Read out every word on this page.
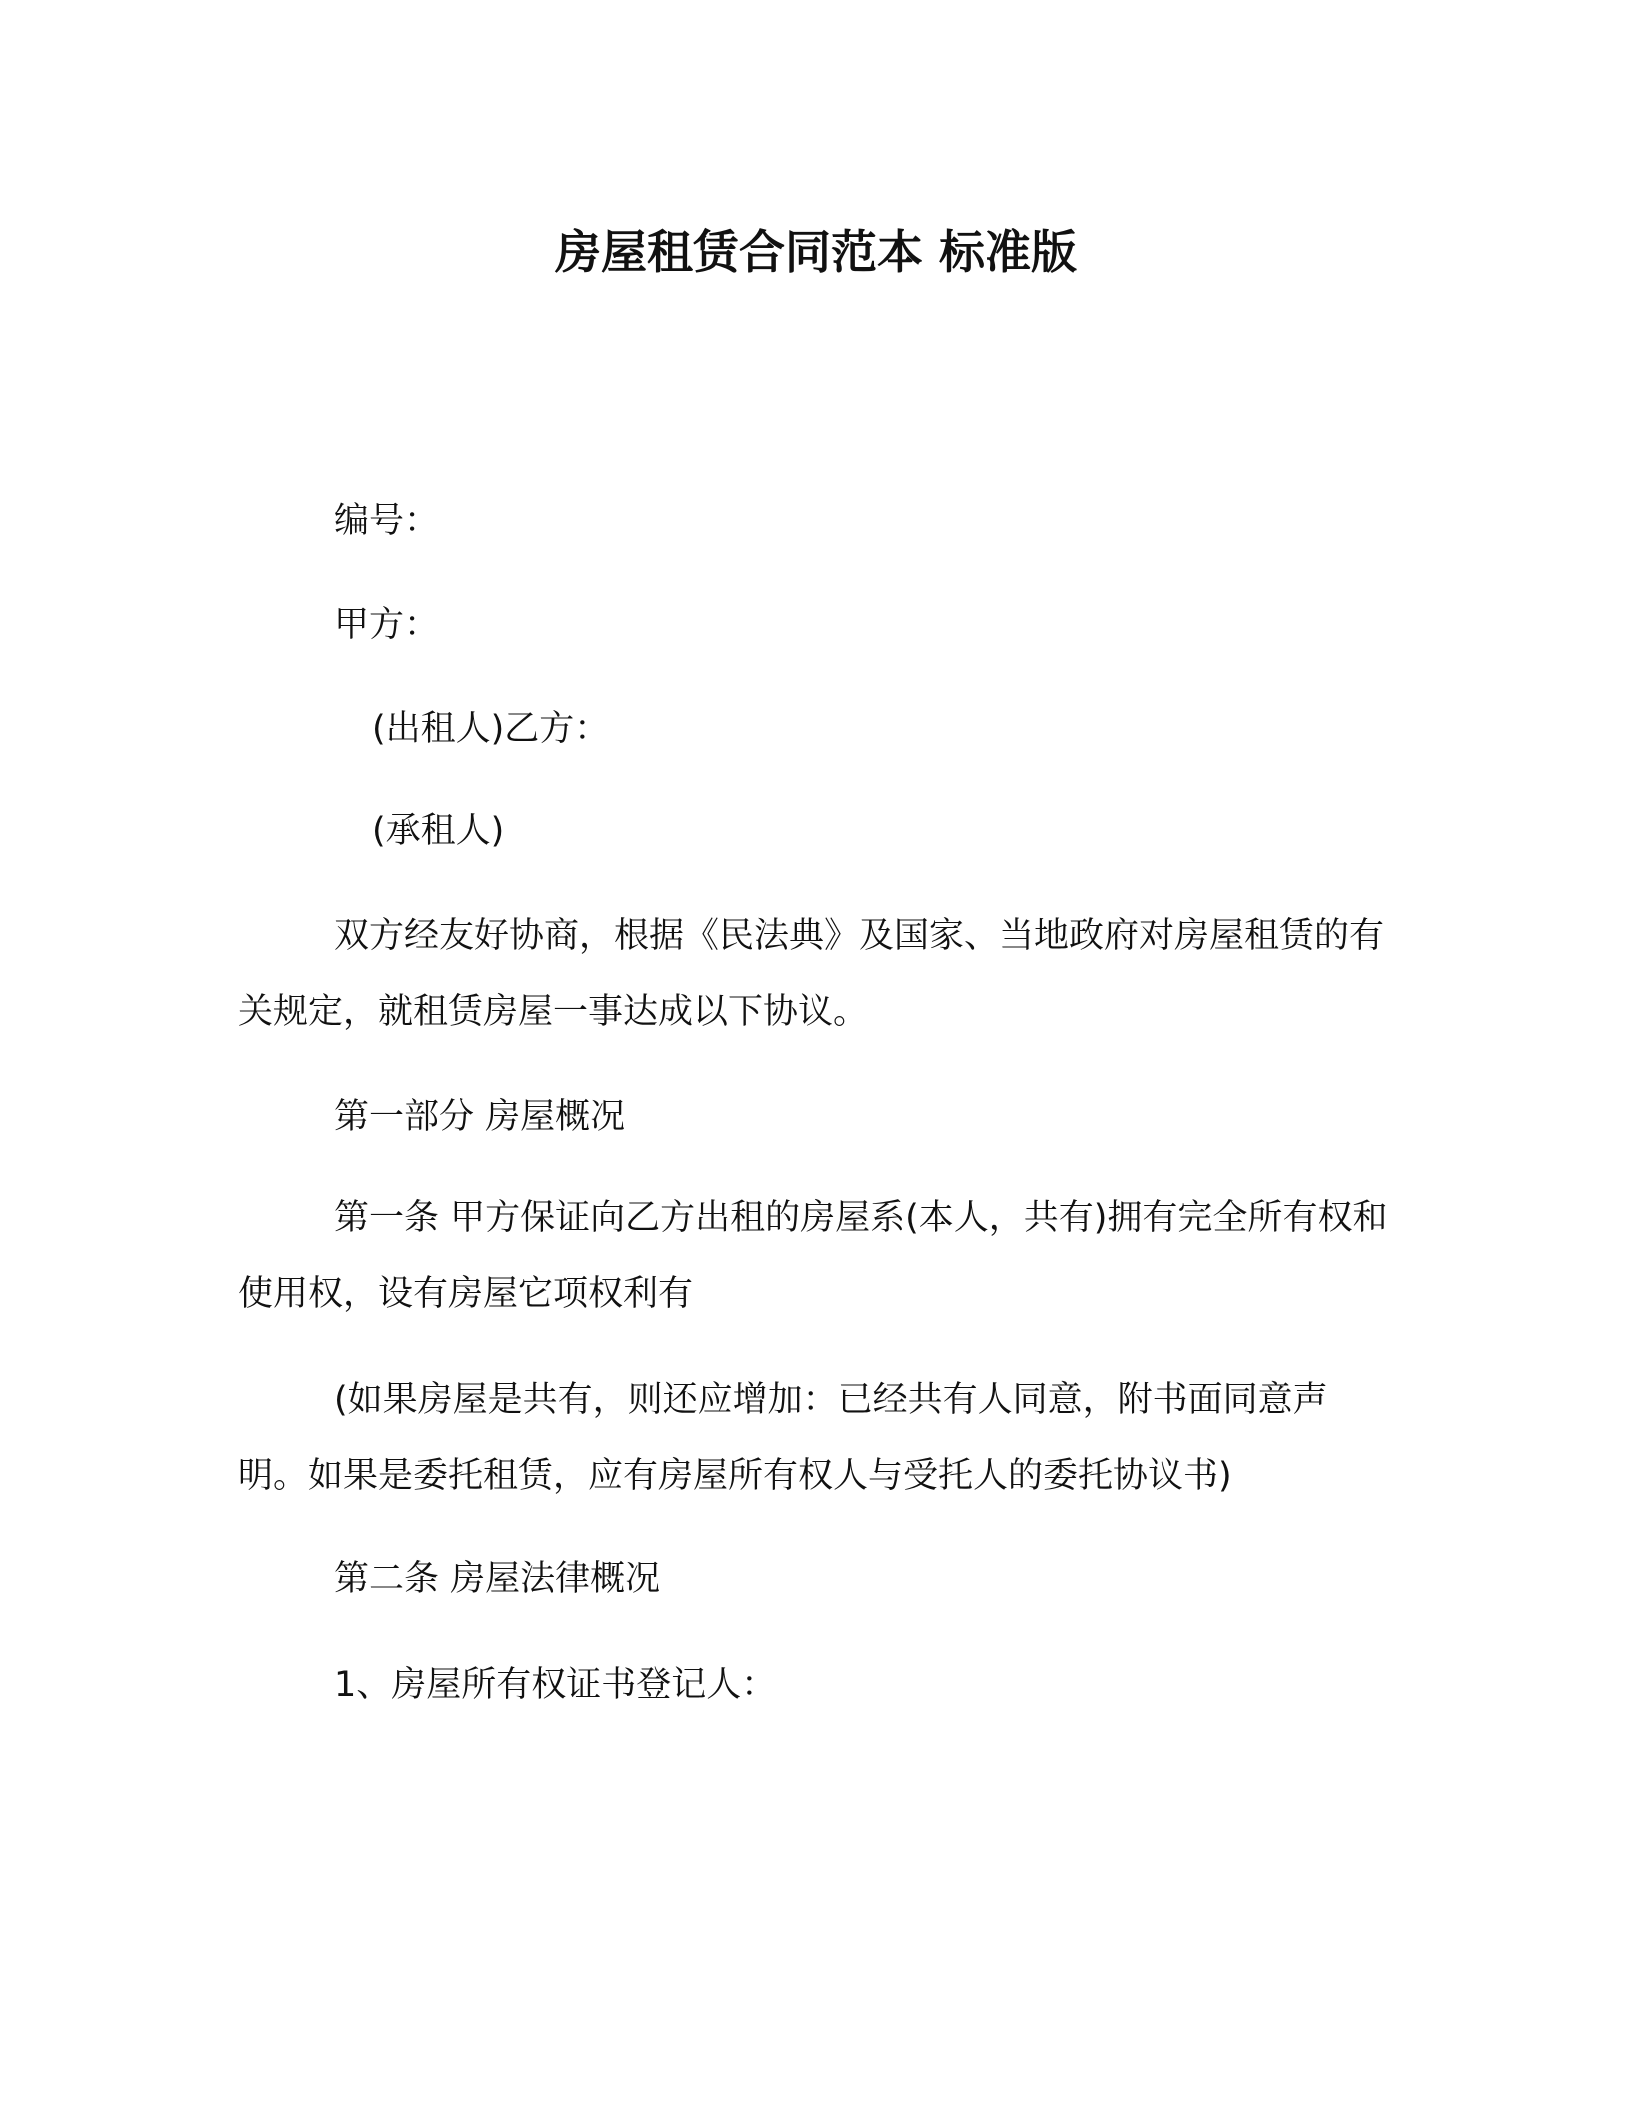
房屋租赁合同范本 标准版
编号：
甲方：
(出租人)乙方：
(承租人)
双方经友好协商，根据《民法典》及国家、当地政府对房屋租赁的有关规定，就租赁房屋一事达成以下协议。
第一部分 房屋概况
第一条 甲方保证向乙方出租的房屋系(本人，共有)拥有完全所有权和使用权，设有房屋它项权利有
(如果房屋是共有，则还应增加：已经共有人同意，附书面同意声明。如果是委托租赁，应有房屋所有权人与受托人的委托协议书)
第二条 房屋法律概况
1、房屋所有权证书登记人：
